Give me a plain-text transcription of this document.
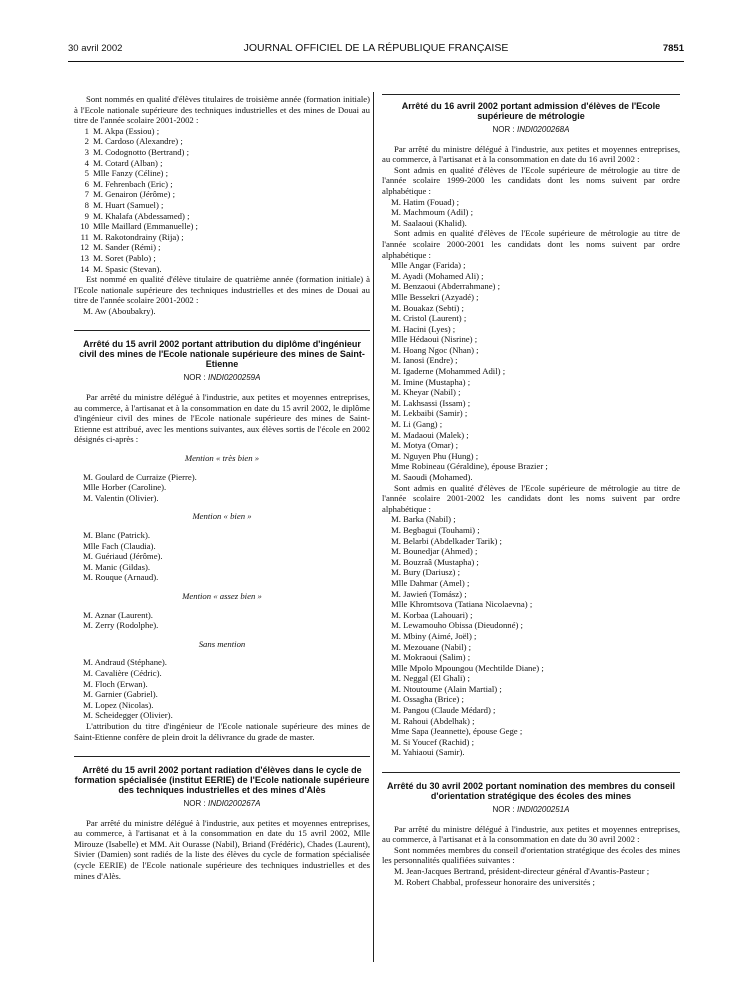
30 avril 2002	JOURNAL OFFICIEL DE LA RÉPUBLIQUE FRANÇAISE	7851

Sont nommés en qualité d'élèves titulaires de troisième année (formation initiale) à l'Ecole nationale supérieure des techniques industrielles et des mines de Douai au titre de l'année scolaire 2001-2002 :

1 M. Akpa (Essiou) ;

2 M. Cardoso (Alexandre) ;

3 M. Codognotto (Bertrand) ;

4 M. Cotard (Alban) ;

5 Mlle Fanzy (Céline) ;

6 M. Fehrenbach (Eric) ;

7 M. Genairon (Jérôme) ;

8 M. Huart (Samuel) ;

9 M. Khalafa (Abdessamed) ;

10 Mlle Maillard (Emmanuelle) ;

11 M. Rakotondrainy (Rija) ;

12 M. Sander (Rémi) ;

13 M. Soret (Pablo) ;

14 M. Spasic (Stevan).

Est nommé en qualité d'élève titulaire de quatrième année (formation initiale) à l'Ecole nationale supérieure des techniques industrielles et des mines de Douai au titre de l'année scolaire 2001-2002 :

M. Aw (Aboubakry).

Arrêté du 15 avril 2002 portant attribution du diplôme d'ingénieur civil des mines de l'Ecole nationale supérieure des mines de Saint-Etienne

NOR : INDI0200259A

Par arrêté du ministre délégué à l'industrie, aux petites et moyennes entreprises, au commerce, à l'artisanat et à la consommation en date du 15 avril 2002, le diplôme d'ingénieur civil des mines de l'Ecole nationale supérieure des mines de Saint-Etienne est attribué, avec les mentions suivantes, aux élèves sortis de l'école en 2002 désignés ci-après :

Mention « très bien »

M. Goulard de Curraize (Pierre).

Mlle Horber (Caroline).

M. Valentin (Olivier).

Mention « bien »

M. Blanc (Patrick).

Mlle Fach (Claudia).

M. Guériaud (Jérôme).

M. Manic (Gildas).

M. Rouque (Arnaud).

Mention « assez bien »

M. Aznar (Laurent).

M. Zerry (Rodolphe).

Sans mention

M. Andraud (Stéphane).

M. Cavalière (Cédric).

M. Floch (Erwan).

M. Garnier (Gabriel).

M. Lopez (Nicolas).

M. Scheidegger (Olivier).

L'attribution du titre d'ingénieur de l'Ecole nationale supérieure des mines de Saint-Etienne confère de plein droit la délivrance du grade de master.

Arrêté du 15 avril 2002 portant radiation d'élèves dans le cycle de formation spécialisée (institut EERIE) de l'Ecole nationale supérieure des techniques industrielles et des mines d'Alès

NOR : INDI0200267A

Par arrêté du ministre délégué à l'industrie, aux petites et moyennes entreprises, au commerce, à l'artisanat et à la consommation en date du 15 avril 2002, Mlle Mirouze (Isabelle) et MM. Ait Ourasse (Nabil), Briand (Frédéric), Chades (Laurent), Sivier (Damien) sont radiés de la liste des élèves du cycle de formation spécialisée (cycle EERIE) de l'Ecole nationale supérieure des techniques industrielles et des mines d'Alès.

Arrêté du 16 avril 2002 portant admission d'élèves de l'Ecole supérieure de métrologie

NOR : INDI0200268A

Par arrêté du ministre délégué à l'industrie, aux petites et moyennes entreprises, au commerce, à l'artisanat et à la consommation en date du 16 avril 2002 :

Sont admis en qualité d'élèves de l'Ecole supérieure de métrologie au titre de l'année scolaire 1999-2000 les candidats dont les noms suivent par ordre alphabétique :

M. Hatim (Fouad) ;

M. Machmoum (Adil) ;

M. Saalaoui (Khalid).

Sont admis en qualité d'élèves de l'Ecole supérieure de métrologie au titre de l'année scolaire 2000-2001 les candidats dont les noms suivent par ordre alphabétique :

Mlle Angar (Farida) ;

M. Ayadi (Mohamed Ali) ;

M. Benzaoui (Abderrahmane) ;

Mlle Bessekri (Azyadé) ;

M. Bouakaz (Sebti) ;

M. Cristol (Laurent) ;

M. Hacini (Lyes) ;

Mlle Hédaoui (Nisrine) ;

M. Hoang Ngoc (Nhan) ;

M. Ianosi (Endre) ;

M. Igaderne (Mohammed Adil) ;

M. Imine (Mustapha) ;

M. Kheyar (Nabil) ;

M. Lakhsassi (Issam) ;

M. Lekbaibi (Samir) ;

M. Li (Gang) ;

M. Madaoui (Malek) ;

M. Motya (Omar) ;

M. Nguyen Phu (Hung) ;

Mme Robineau (Géraldine), épouse Brazier ;

M. Saoudi (Mohamed).

Sont admis en qualité d'élèves de l'Ecole supérieure de métrologie au titre de l'année scolaire 2001-2002 les candidats dont les noms suivent par ordre alphabétique :

M. Barka (Nabil) ;

M. Begbagui (Touhami) ;

M. Belarbi (Abdelkader Tarik) ;

M. Bounedjar (Ahmed) ;

M. Bouzraâ (Mustapha) ;

M. Bury (Dariusz) ;

Mlle Dahmar (Amel) ;

M. Jawień (Tomász) ;

Mlle Khromtsova (Tatiana Nicolaevna) ;

M. Korbaa (Lahouari) ;

M. Lewamouho Obissa (Dieudonné) ;

M. Mbiny (Aimé, Joël) ;

M. Mezouane (Nabil) ;

M. Mokraoui (Salim) ;

Mlle Mpolo Mpoungou (Mechtilde Diane) ;

M. Neggal (El Ghali) ;

M. Ntoutoume (Alain Martial) ;

M. Ossagha (Brice) ;

M. Pangou (Claude Médard) ;

M. Rahoui (Abdelhak) ;

Mme Sapa (Jeannette), épouse Gege ;

M. Si Youcef (Rachid) ;

M. Yahiaoui (Samir).

Arrêté du 30 avril 2002 portant nomination des membres du conseil d'orientation stratégique des écoles des mines

NOR : INDI0200251A

Par arrêté du ministre délégué à l'industrie, aux petites et moyennes entreprises, au commerce, à l'artisanat et à la consommation en date du 30 avril 2002 :

Sont nommées membres du conseil d'orientation stratégique des écoles des mines les personnalités qualifiées suivantes :

M. Jean-Jacques Bertrand, président-directeur général d'Avantis-Pasteur ;

M. Robert Chabbal, professeur honoraire des universités ;
